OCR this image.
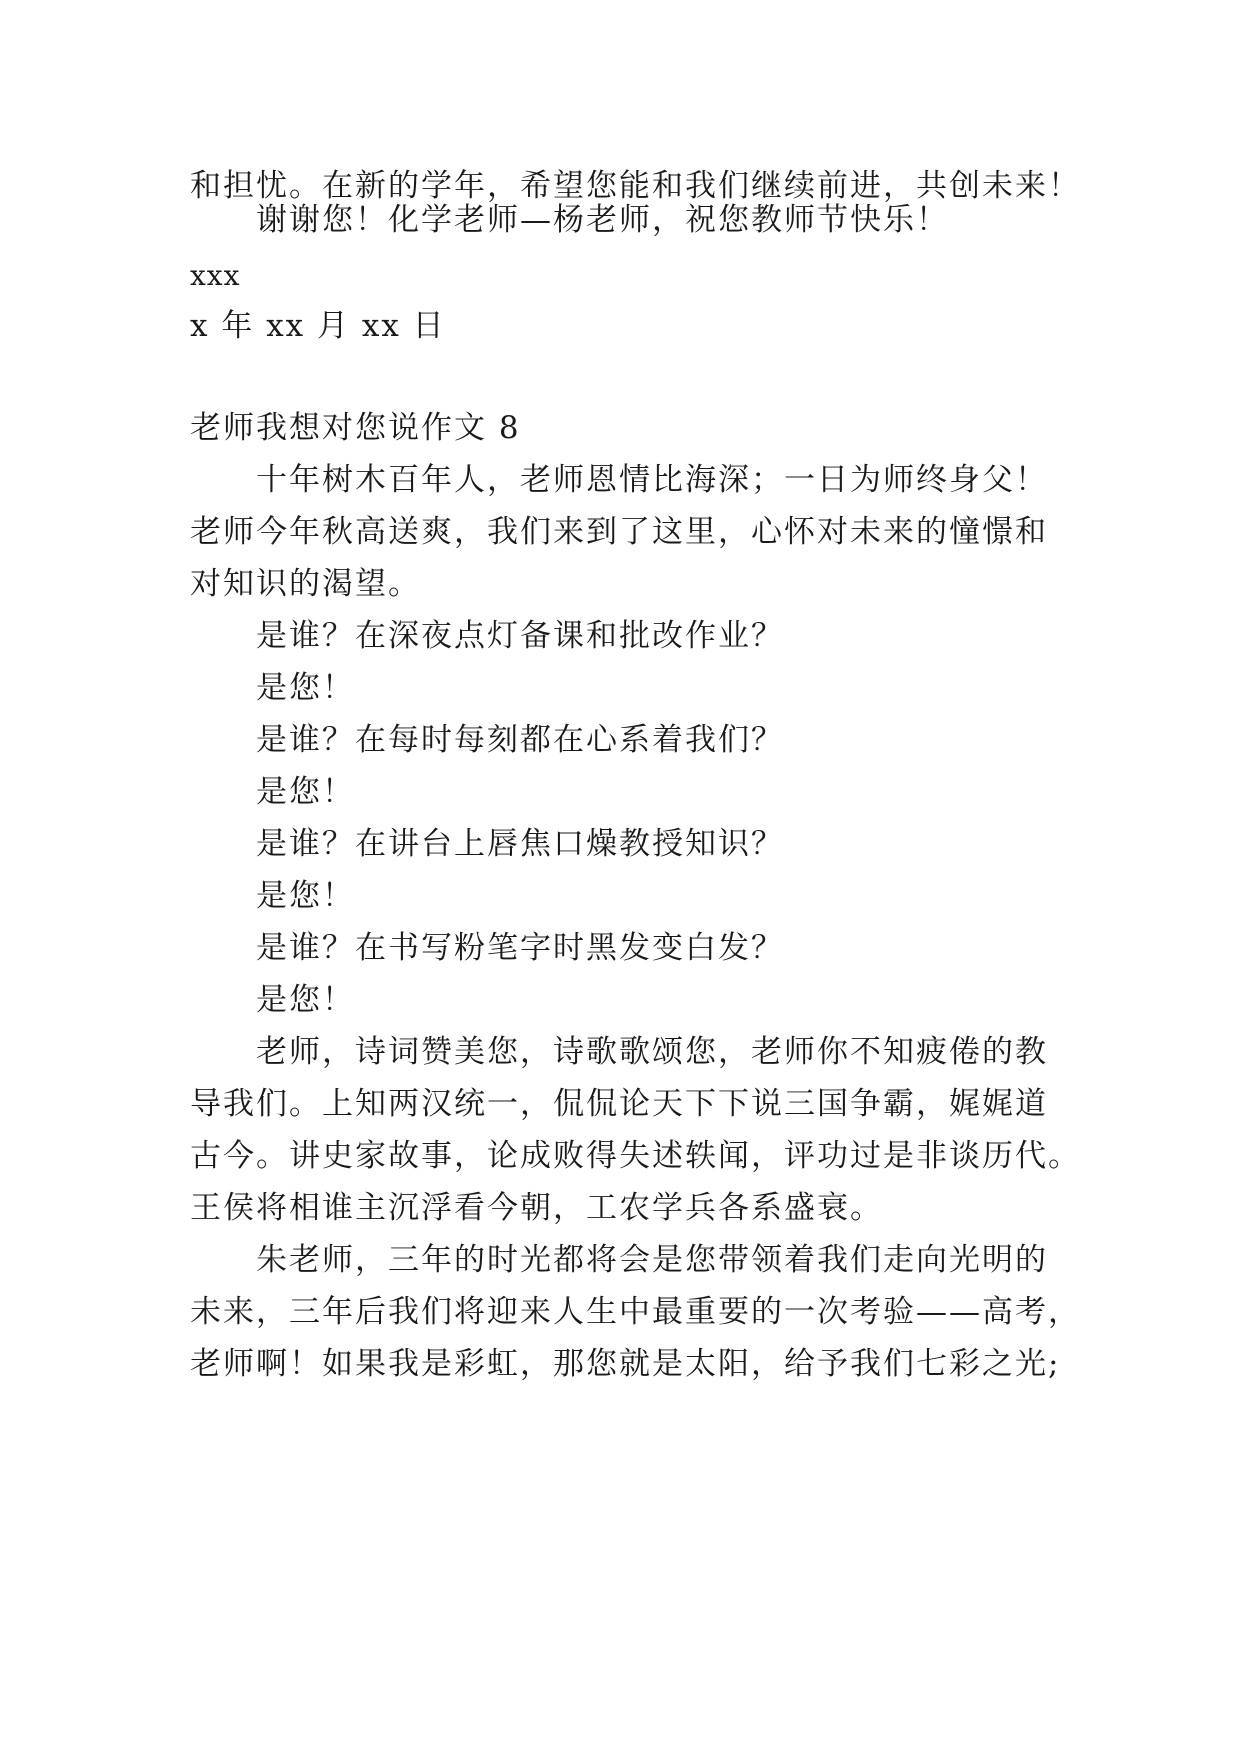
和担忧。在新的学年，希望您能和我们继续前进，共创未来！

谢谢您！化学老师—杨老师，祝您教师节快乐！

xxx

x 年 xx 月 xx 日

老师我想对您说作文 8

十年树木百年人，老师恩情比海深；一日为师终身父！

老师今年秋高送爽，我们来到了这里，心怀对未来的憧憬和

对知识的渴望。

是谁？在深夜点灯备课和批改作业？

是您！

是谁？在每时每刻都在心系着我们？

是您！

是谁？在讲台上唇焦口燥教授知识？

是您！

是谁？在书写粉笔字时黑发变白发？

是您！

老师，诗词赞美您，诗歌歌颂您，老师你不知疲倦的教

导我们。上知两汉统一，侃侃论天下下说三国争霸，娓娓道

古今。讲史家故事，论成败得失述轶闻，评功过是非谈历代。

王侯将相谁主沉浮看今朝，工农学兵各系盛衰。

朱老师，三年的时光都将会是您带领着我们走向光明的

未来，三年后我们将迎来人生中最重要的一次考验——高考，

老师啊！如果我是彩虹，那您就是太阳，给予我们七彩之光;
